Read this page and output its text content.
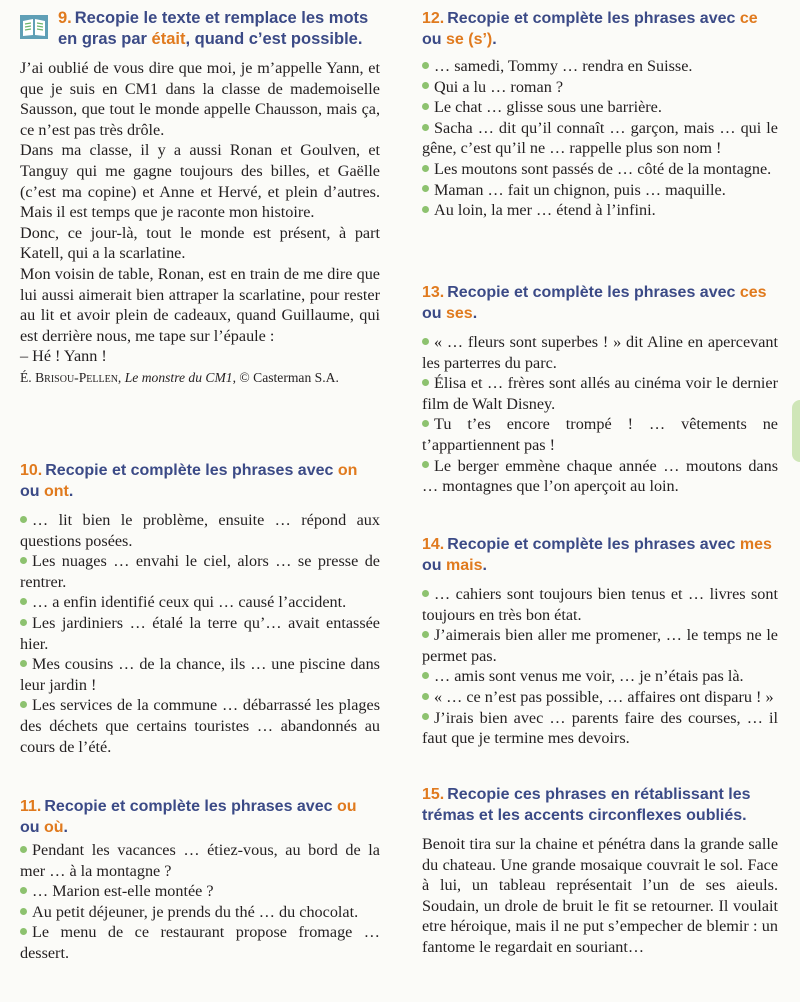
9. Recopie le texte et remplace les mots en gras par était, quand c’est possible.

J’ai oublié de vous dire que moi, je m’appelle Yann, et que je suis en CM1 dans la classe de mademoiselle Sausson, que tout le monde appelle Chausson, mais ça, ce n’est pas très drôle.

Dans ma classe, il y a aussi Ronan et Goulven, et Tanguy qui me gagne toujours des billes, et Gaëlle (c’est ma copine) et Anne et Hervé, et plein d’autres. Mais il est temps que je raconte mon histoire.

Donc, ce jour-là, tout le monde est présent, à part Katell, qui a la scarlatine.

Mon voisin de table, Ronan, est en train de me dire que lui aussi aimerait bien attraper la scarlatine, pour rester au lit et avoir plein de cadeaux, quand Guillaume, qui est derrière nous, me tape sur l’épaule :

– Hé ! Yann !

É. Brisou-Pellen, Le monstre du CM1, © Casterman S.A.
10. Recopie et complète les phrases avec on ou ont.

… lit bien le problème, ensuite … répond aux questions posées.

Les nuages … envahi le ciel, alors … se presse de rentrer.

… a enfin identifié ceux qui … causé l’accident.

Les jardiniers … étalé la terre qu’… avait entassée hier.

Mes cousins … de la chance, ils … une piscine dans leur jardin !

Les services de la commune … débarrassé les plages des déchets que certains touristes … abandonnés au cours de l’été.

11. Recopie et complète les phrases avec ou ou où.

Pendant les vacances … étiez-vous, au bord de la mer … à la montagne ?

… Marion est-elle montée ?

Au petit déjeuner, je prends du thé … du chocolat.

Le menu de ce restaurant propose fromage … dessert.

12. Recopie et complète les phrases avec ce ou se (s’).

… samedi, Tommy … rendra en Suisse.

Qui a lu … roman ?

Le chat … glisse sous une barrière.

Sacha … dit qu’il connaît … garçon, mais … qui le gêne, c’est qu’il ne … rappelle plus son nom !

Les moutons sont passés de … côté de la montagne.

Maman … fait un chignon, puis … maquille.

Au loin, la mer … étend à l’infini.

13. Recopie et complète les phrases avec ces ou ses.

« … fleurs sont superbes ! » dit Aline en apercevant les parterres du parc.

Élisa et … frères sont allés au cinéma voir le dernier film de Walt Disney.

Tu t’es encore trompé ! … vêtements ne t’appartiennent pas !

Le berger emmène chaque année … moutons dans … montagnes que l’on aperçoit au loin.

14. Recopie et complète les phrases avec mes ou mais.

… cahiers sont toujours bien tenus et … livres sont toujours en très bon état.

J’aimerais bien aller me promener, … le temps ne le permet pas.

… amis sont venus me voir, … je n’étais pas là.

« … ce n’est pas possible, … affaires ont disparu ! »

J’irais bien avec … parents faire des courses, … il faut que je termine mes devoirs.

15. Recopie ces phrases en rétablissant les trémas et les accents circonflexes oubliés.

Benoit tira sur la chaine et pénétra dans la grande salle du chateau. Une grande mosaique couvrait le sol. Face à lui, un tableau représentait l’un de ses aieuls. Soudain, un drole de bruit le fit se retourner. Il voulait etre héroique, mais il ne put s’empecher de blemir : un fantome le regardait en souriant…
